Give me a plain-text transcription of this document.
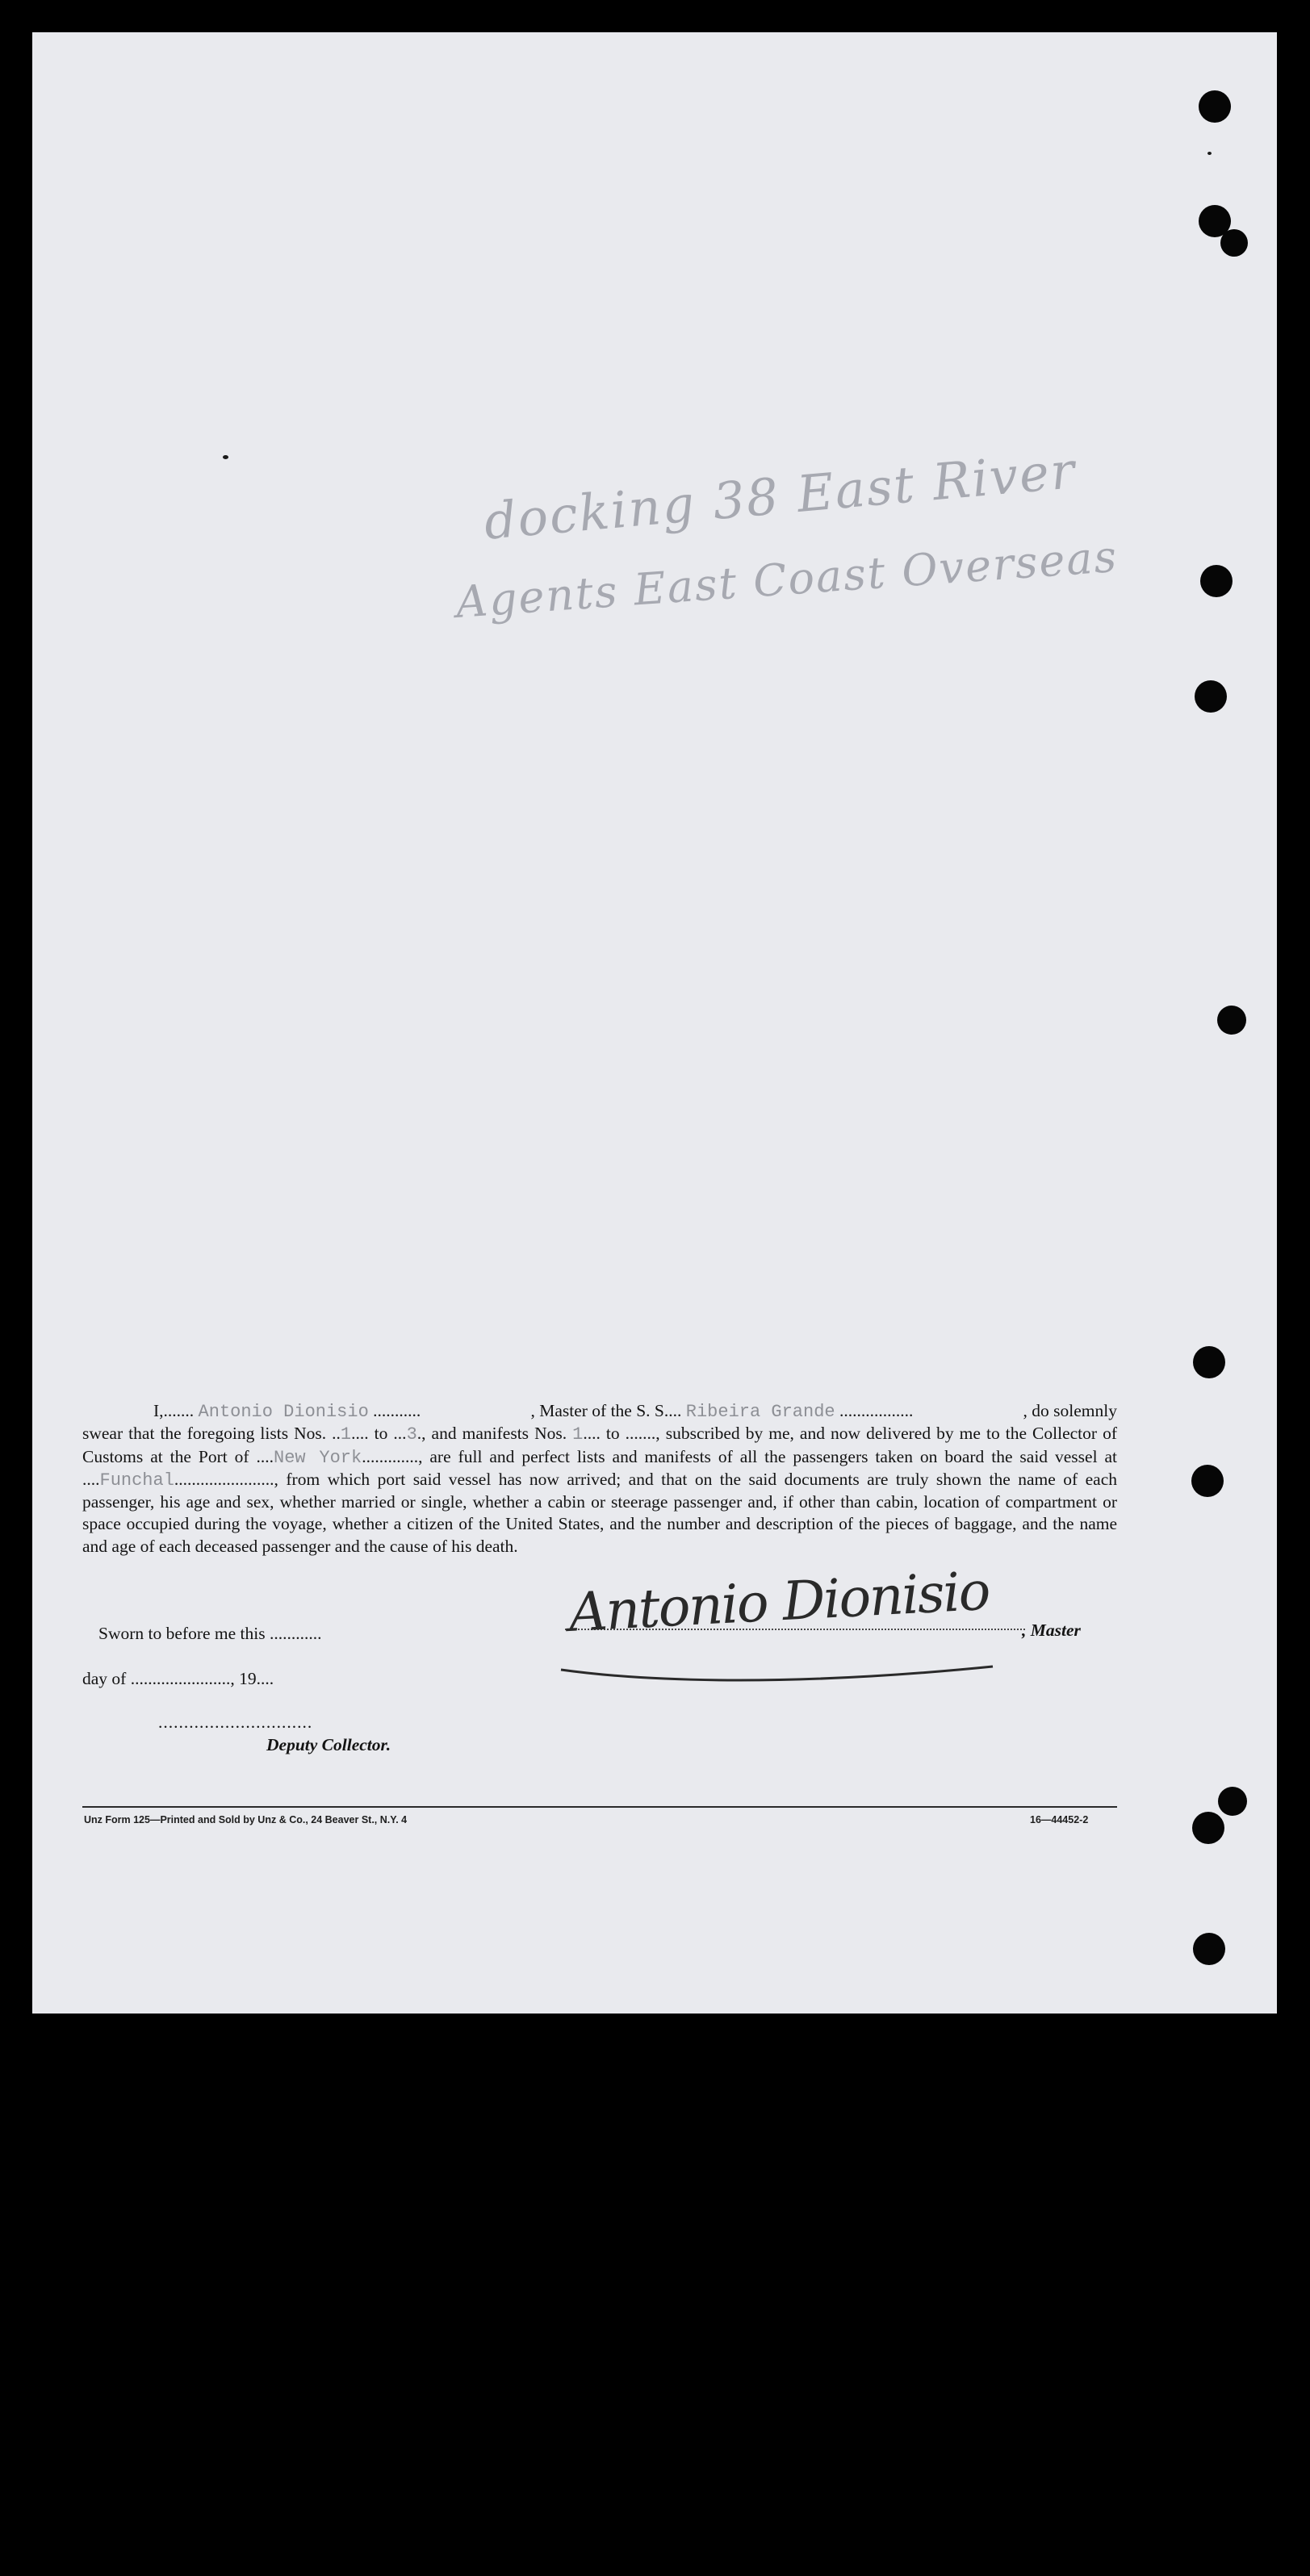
docking 38 East River
Agents East Coast Overseas
I, ....... Antonio Dionisio ...........	, Master of the S. S. ... Ribeira Grande .................	, do solemnly

swear that the foregoing lists Nos. ..1.... to ...3., and manifests Nos. 1.... to ......., subscribed by me, and now delivered by me to the Collector of Customs at the Port of ....New York............., are full and perfect lists and manifests of all the passengers taken on board the said vessel at ....Funchal......................., from which port said vessel has now arrived; and that on the said documents are truly shown the name of each passenger, his age and sex, whether married or single, whether a cabin or steerage passenger and, if other than cabin, location of compartment or space occupied during the voyage, whether a citizen of the United States, and the number and description of the pieces of baggage, and the name and age of each deceased passenger and the cause of his death.

Sworn to before me this ............
day of ......................., 19....
..............................
Deputy Collector.
Antonio Dionisio , Master
Unz Form 125—Printed and Sold by Unz & Co., 24 Beaver St., N.Y. 4	16—44452-2
